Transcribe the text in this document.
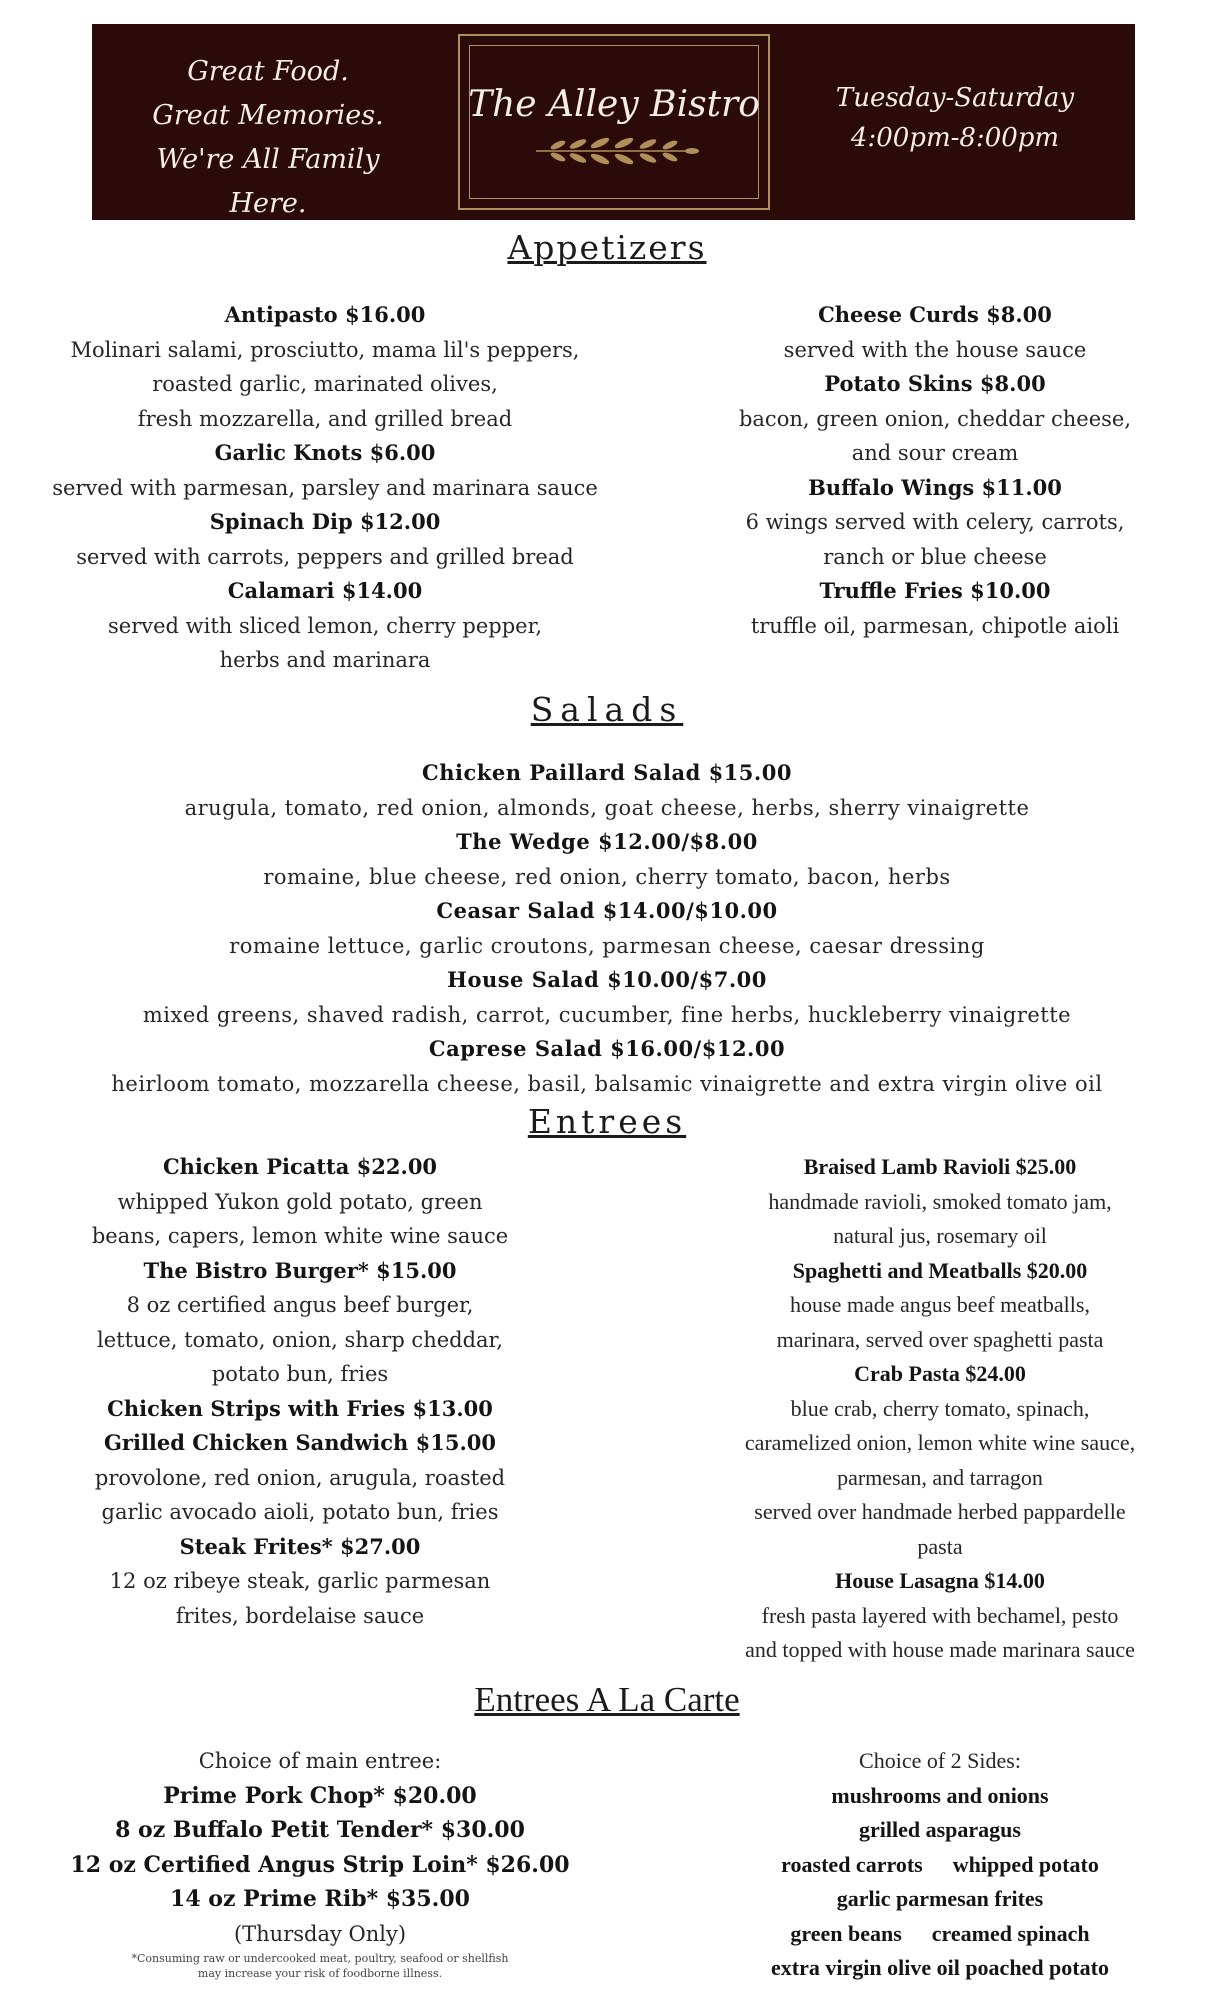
Great Food.
Great Memories.
We're All Family Here.
The Alley Bistro	Tuesday-Saturday
4:00pm-8:00pm
Appetizers
Antipasto $16.00
Molinari salami, prosciutto, mama lil's peppers,
roasted garlic, marinated olives,
fresh mozzarella, and grilled bread
Garlic Knots $6.00
served with parmesan, parsley and marinara sauce
Spinach Dip $12.00
served with carrots, peppers and grilled bread
Calamari $14.00
served with sliced lemon, cherry pepper,
herbs and marinara
Cheese Curds $8.00
served with the house sauce
Potato Skins $8.00
bacon, green onion, cheddar cheese,
and sour cream
Buffalo Wings $11.00
6 wings served with celery, carrots,
ranch or blue cheese
Truffle Fries $10.00
truffle oil, parmesan, chipotle aioli
Salads
Chicken Paillard Salad $15.00
arugula, tomato, red onion, almonds, goat cheese, herbs, sherry vinaigrette
The Wedge $12.00/$8.00
romaine, blue cheese, red onion, cherry tomato, bacon, herbs
Ceasar Salad $14.00/$10.00
romaine lettuce, garlic croutons, parmesan cheese, caesar dressing
House Salad $10.00/$7.00
mixed greens, shaved radish, carrot, cucumber, fine herbs, huckleberry vinaigrette
Caprese Salad $16.00/$12.00
heirloom tomato, mozzarella cheese, basil, balsamic vinaigrette and extra virgin olive oil
Entrees
Chicken Picatta $22.00
whipped Yukon gold potato, green
beans, capers, lemon white wine sauce
The Bistro Burger* $15.00
8 oz certified angus beef burger,
lettuce, tomato, onion, sharp cheddar,
potato bun, fries
Chicken Strips with Fries $13.00
Grilled Chicken Sandwich $15.00
provolone, red onion, arugula, roasted
garlic avocado aioli, potato bun, fries
Steak Frites* $27.00
12 oz ribeye steak, garlic parmesan
frites, bordelaise sauce
Braised Lamb Ravioli $25.00
handmade ravioli, smoked tomato jam,
natural jus, rosemary oil
Spaghetti and Meatballs $20.00
house made angus beef meatballs,
marinara, served over spaghetti pasta
Crab Pasta $24.00
blue crab, cherry tomato, spinach,
caramelized onion, lemon white wine sauce,
parmesan, and tarragon
served over handmade herbed pappardelle
pasta
House Lasagna $14.00
fresh pasta layered with bechamel, pesto
and topped with house made marinara sauce
Entrees A La Carte
Choice of main entree:
Prime Pork Chop* $20.00
8 oz Buffalo Petit Tender* $30.00
12 oz Certified Angus Strip Loin* $26.00
14 oz Prime Rib* $35.00
(Thursday Only)
*Consuming raw or undercooked meat, poultry, seafood or shellfish
may increase your risk of foodborne illness.
Choice of 2 Sides:
mushrooms and onions
grilled asparagus
roasted carrots whipped potato
garlic parmesan frites
green beans creamed spinach
extra virgin olive oil poached potato
